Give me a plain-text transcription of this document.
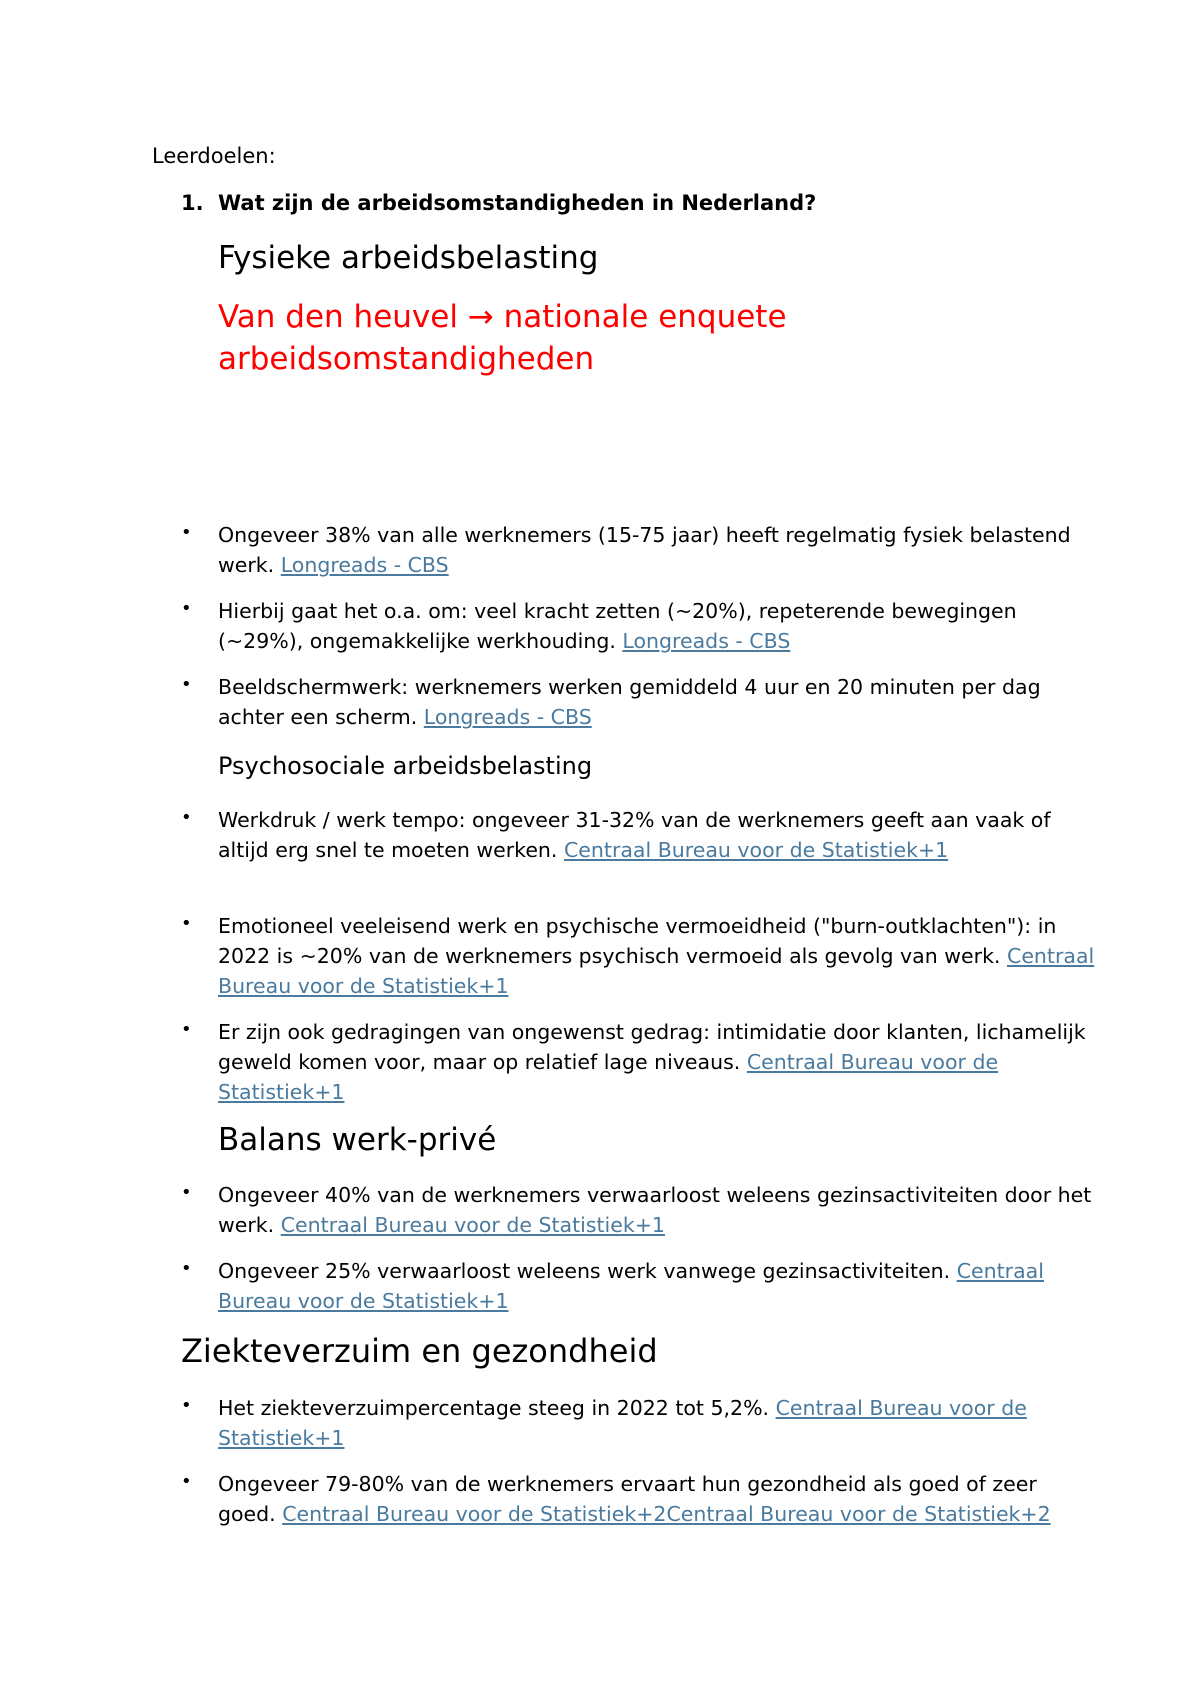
Leerdoelen:

1. Wat zijn de arbeidsomstandigheden in Nederland?

Fysieke arbeidsbelasting
Van den heuvel → nationale enquete
arbeidsomstandigheden
• Ongeveer 38% van alle werknemers (15-75 jaar) heeft regelmatig fysiek belastend werk. Longreads - CBS
• Hierbij gaat het o.a. om: veel kracht zetten (~20%), repeterende bewegingen (~29%), ongemakkelijke werkhouding. Longreads - CBS
• Beeldschermwerk: werknemers werken gemiddeld 4 uur en 20 minuten per dag achter een scherm. Longreads - CBS
Psychosociale arbeidsbelasting
• Werkdruk / werk tempo: ongeveer 31-32% van de werknemers geeft aan vaak of altijd erg snel te moeten werken. Centraal Bureau voor de Statistiek+1
• Emotioneel veeleisend werk en psychische vermoeidheid ("burn-outklachten"): in 2022 is ~20% van de werknemers psychisch vermoeid als gevolg van werk. Centraal Bureau voor de Statistiek+1
• Er zijn ook gedragingen van ongewenst gedrag: intimidatie door klanten, lichamelijk geweld komen voor, maar op relatief lage niveaus. Centraal Bureau voor de Statistiek+1
Balans werk-privé
• Ongeveer 40% van de werknemers verwaarloost weleens gezinsactiviteiten door het werk. Centraal Bureau voor de Statistiek+1
• Ongeveer 25% verwaarloost weleens werk vanwege gezinsactiviteiten. Centraal Bureau voor de Statistiek+1
Ziekteverzuim en gezondheid
• Het ziekteverzuimpercentage steeg in 2022 tot 5,2%. Centraal Bureau voor de Statistiek+1
• Ongeveer 79-80% van de werknemers ervaart hun gezondheid als goed of zeer goed. Centraal Bureau voor de Statistiek+2Centraal Bureau voor de Statistiek+2
